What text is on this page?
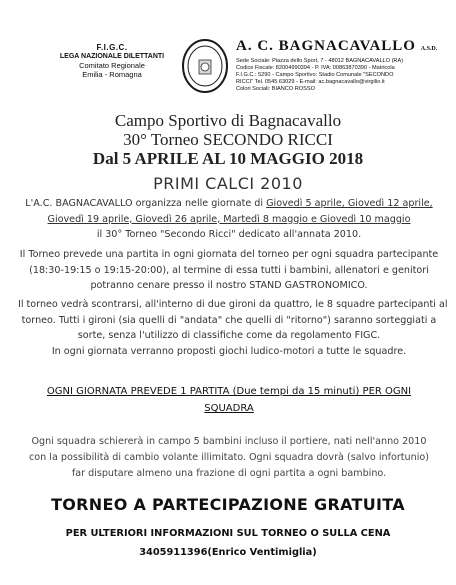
F.I.G.C.
LEGA NAZIONALE DILETTANTI
Comitato Regionale
Emilia - Romagna
A. C. BAGNACAVALLO A.S.D.
Sede Sociale: Piazza dello Sport, 7 - 48012 BAGNACAVALLO (RA)
Codice Fiscale: 82004990394 - P. IVA: 00863870390 - Matricola
F.I.G.C.: 5290 - Campo Sportivo: Stadio Comunale "SECONDO
RICCI" Tel. 0545 63029 - E-mail: ac.bagnacavallo@virgilio.it
Colori Sociali: BIANCO ROSSO
Campo Sportivo di Bagnacavallo
30° Torneo SECONDO RICCI
Dal 5 APRILE AL 10 MAGGIO 2018
PRIMI CALCI 2010
L'A.C. BAGNACAVALLO organizza nelle giornate di Giovedì 5 aprile, Giovedì 12 aprile,
Giovedì 19 aprile, Giovedì 26 aprile, Martedì 8 maggio e Giovedì 10 maggio
il 30° Torneo "Secondo Ricci" dedicato all'annata 2010.
Il Torneo prevede una partita in ogni giornata del torneo per ogni squadra partecipante
(18:30-19:15 o 19:15-20:00), al termine di essa tutti i bambini, allenatori e genitori
potranno cenare presso il nostro STAND GASTRONOMICO.
Il torneo vedrà scontrarsi, all'interno di due gironi da quattro, le 8 squadre partecipanti al
torneo. Tutti i gironi (sia quelli di "andata" che quelli di "ritorno") saranno sorteggiati a
sorte, senza l'utilizzo di classifiche come da regolamento FIGC.
In ogni giornata verranno proposti giochi ludico-motori a tutte le squadre.
OGNI GIORNATA PREVEDE 1 PARTITA (Due tempi da 15 minuti) PER OGNI
SQUADRA
Ogni squadra schiererà in campo 5 bambini incluso il portiere, nati nell'anno 2010
con la possibilità di cambio volante illimitato. Ogni squadra dovrà (salvo infortunio)
far disputare almeno una frazione di ogni partita a ogni bambino.
TORNEO A PARTECIPAZIONE GRATUITA
PER ULTERIORI INFORMAZIONI SUL TORNEO O SULLA CENA
3405911396(Enrico Ventimiglia)
